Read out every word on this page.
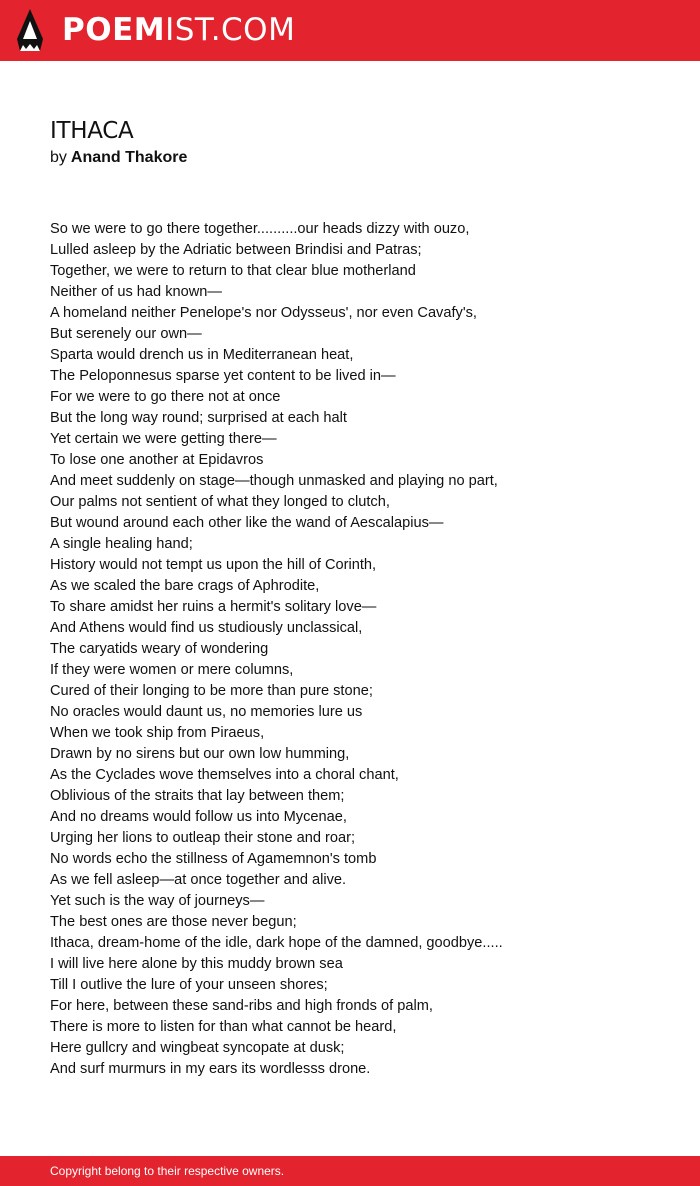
POEMIST.COM
ITHACA
by Anand Thakore
So we were to go there together..........our heads dizzy with ouzo,
Lulled asleep by the Adriatic between Brindisi and Patras;
Together, we were to return to that clear blue motherland
Neither of us had known—
A homeland neither Penelope's nor Odysseus', nor even Cavafy's,
But serenely our own—
Sparta would drench us in Mediterranean heat,
The Peloponnesus sparse yet content to be lived in—
For we were to go there not at once
But the long way round; surprised at each halt
Yet certain we were getting there—
To lose one another at Epidavros
And meet suddenly on stage—though unmasked and playing no part,
Our palms not sentient of what they longed to clutch,
But wound around each other like the wand of Aescalapius—
A single healing hand;
History would not tempt us upon the hill of Corinth,
As we scaled the bare crags of Aphrodite,
To share amidst her ruins a hermit's solitary love—
And Athens would find us studiously unclassical,
The caryatids weary of wondering
If they were women or mere columns,
Cured of their longing to be more than pure stone;
No oracles would daunt us, no memories lure us
When we took ship from Piraeus,
Drawn by no sirens but our own low humming,
As the Cyclades wove themselves into a choral chant,
Oblivious of the straits that lay between them;
And no dreams would follow us into Mycenae,
Urging her lions to outleap their stone and roar;
No words echo the stillness of Agamemnon's tomb
As we fell asleep—at once together and alive.
Yet such is the way of journeys—
The best ones are those never begun;
Ithaca, dream-home of the idle, dark hope of the damned, goodbye.....
I will live here alone by this muddy brown sea
Till I outlive the lure of your unseen shores;
For here, between these sand-ribs and high fronds of palm,
There is more to listen for than what cannot be heard,
Here gullcry and wingbeat syncopate at dusk;
And surf murmurs in my ears its wordlesss drone.
Copyright belong to their respective owners.
